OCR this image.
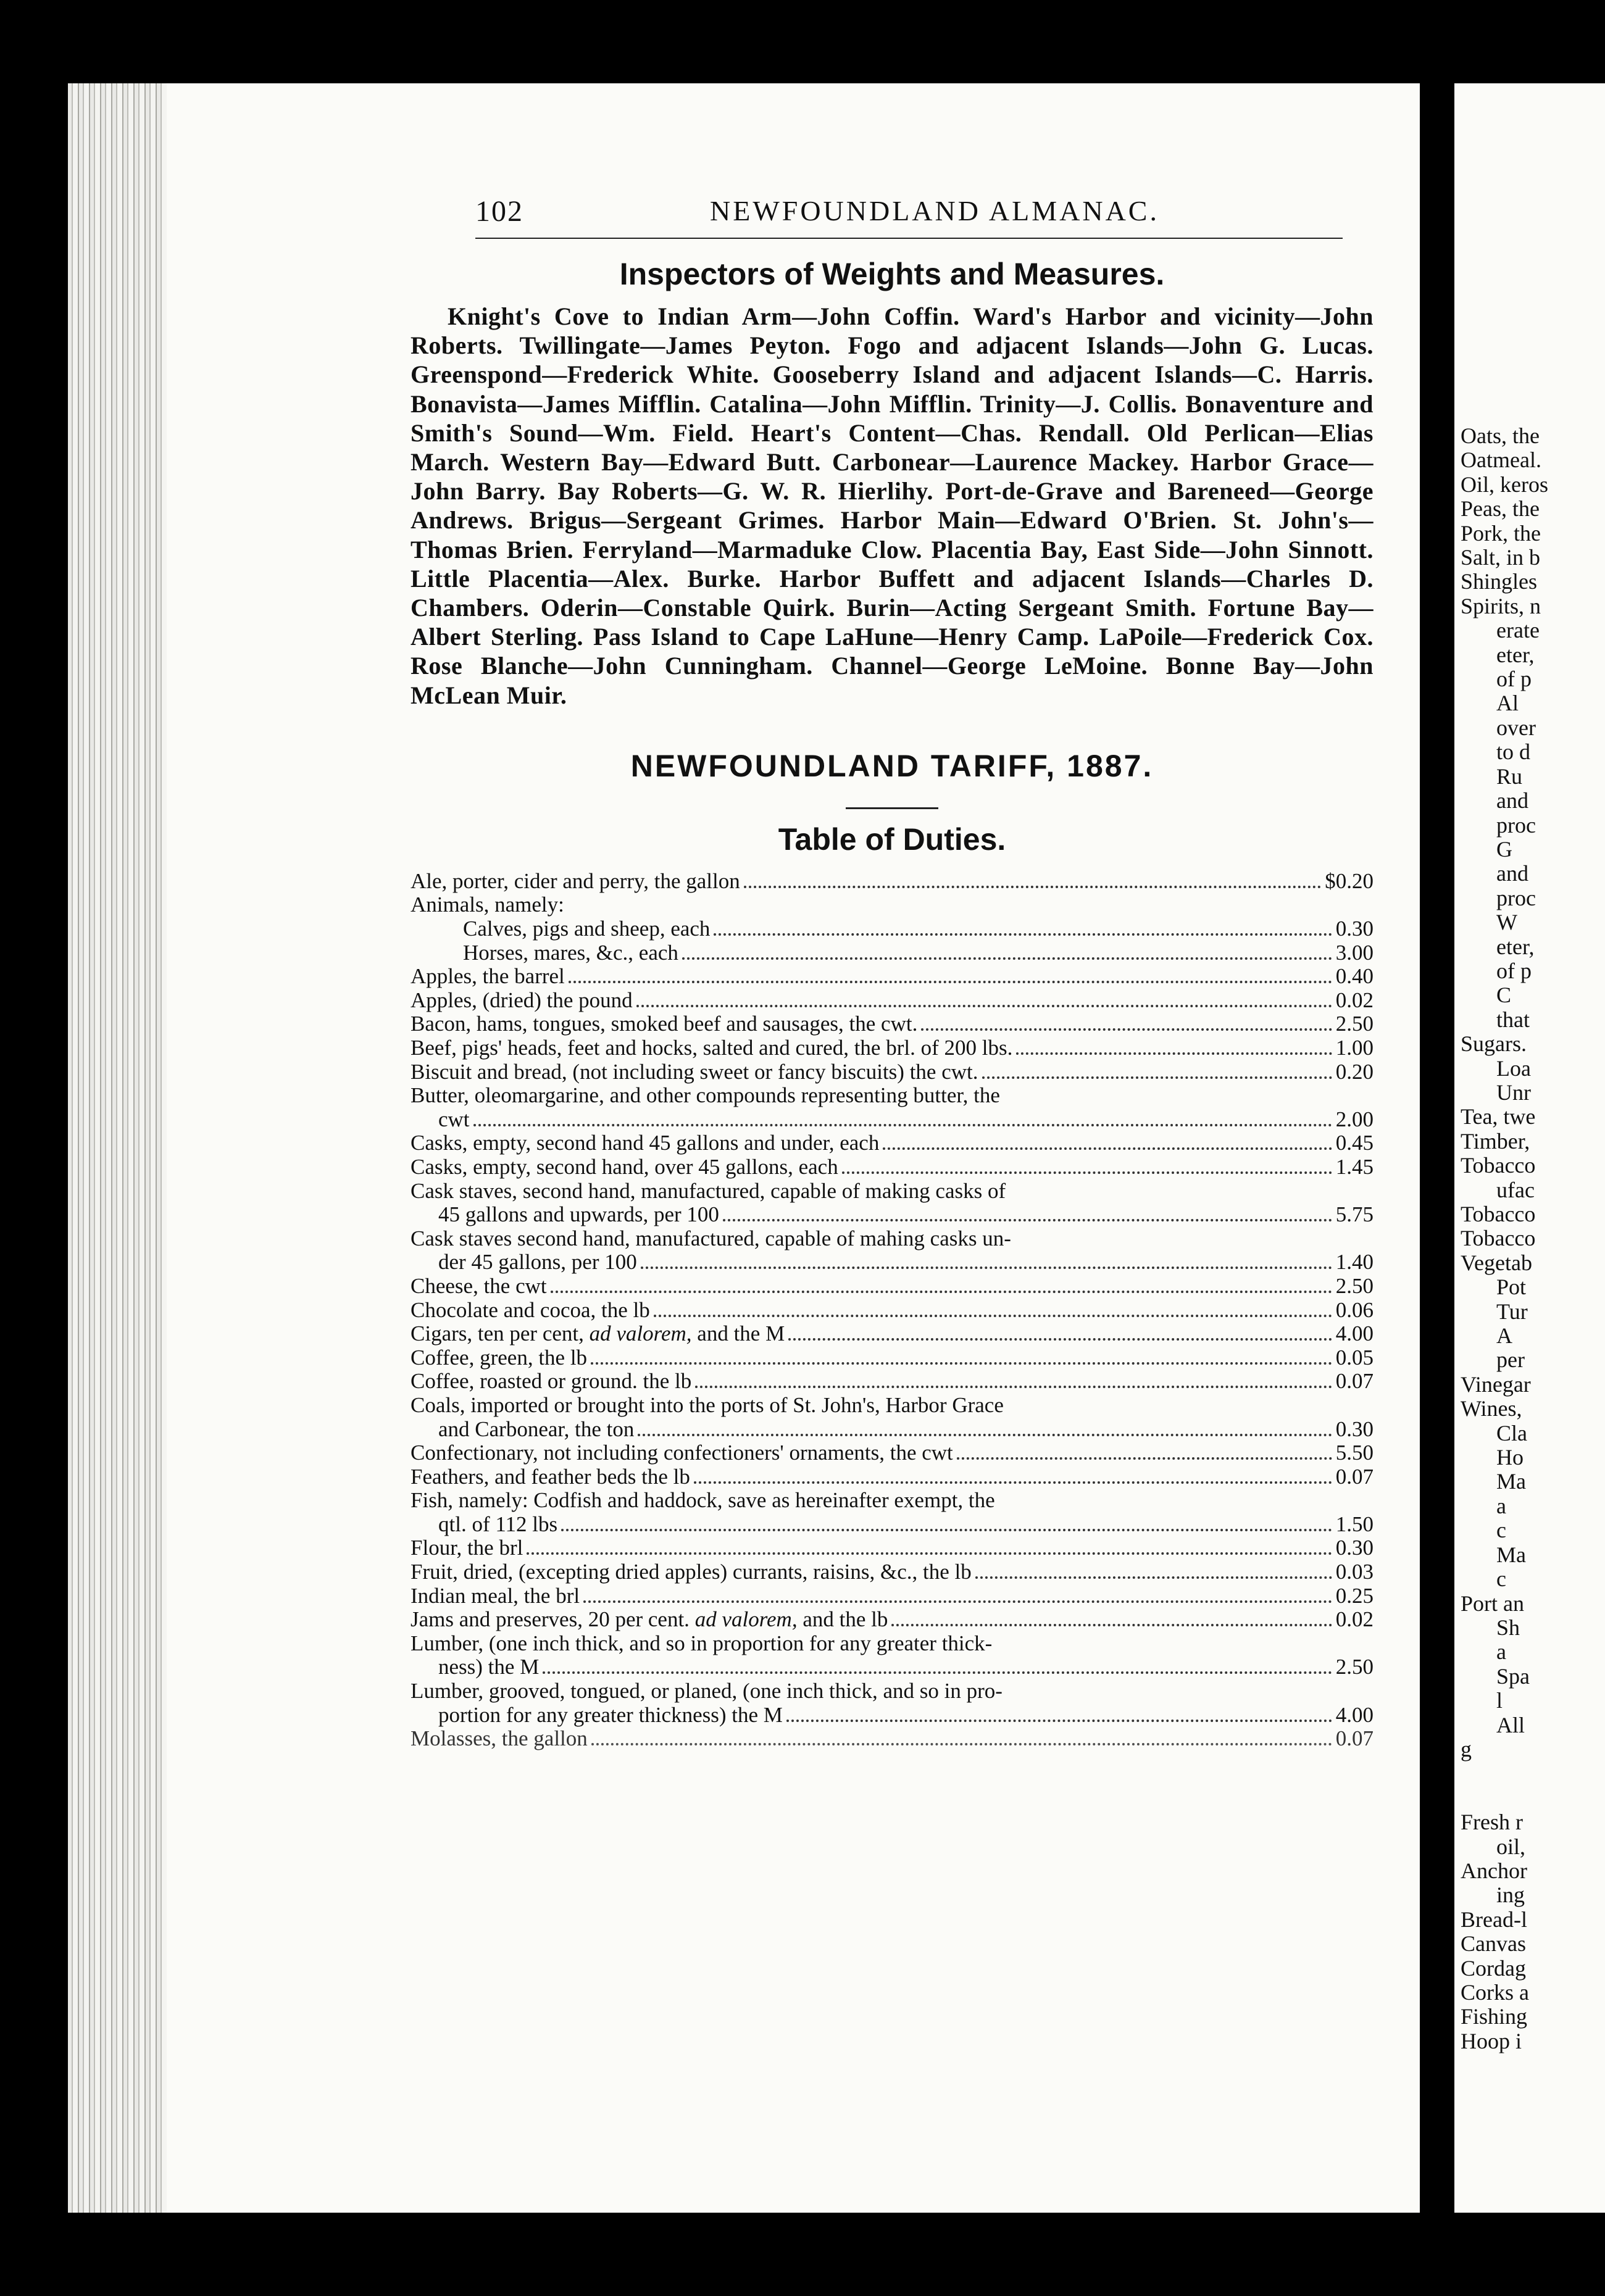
Oats, the
Oatmeal.
Oil, keros
Peas, the
Pork, the
Salt, in b
Shingles
Spirits, n
erate
eter,
of p
Al
over
to d
Ru
and
proc
G
and
proc
W
eter,
of p
C
that
Sugars.
Loa
Unr
Tea, twe
Timber,
Tobacco
ufac
Tobacco
Tobacco
Vegetab
Pot
Tur
A
per
Vinegar
Wines,
Cla
Ho
Ma
a
c
Ma
c
Port an
Sh
a
Spa
l
All
g

Fresh r
oil,
Anchor
ing
Bread-l
Canvas
Cordag
Corks a
Fishing
Hoop i
102	NEWFOUNDLAND ALMANAC.
Inspectors of Weights and Measures.
Knight's Cove to Indian Arm—John Coffin. Ward's Harbor and vicinity—John Roberts. Twillingate—James Peyton. Fogo and adjacent Islands—John G. Lucas. Greenspond—Frederick White. Gooseberry Island and adjacent Islands—C. Harris. Bonavista—James Mifflin. Catalina—John Mifflin. Trinity—J. Collis. Bonaventure and Smith's Sound—Wm. Field. Heart's Content—Chas. Rendall. Old Perlican—Elias March. Western Bay—Edward Butt. Carbonear—Laurence Mackey. Harbor Grace—John Barry. Bay Roberts—G. W. R. Hierlihy. Port-de-Grave and Bareneed—George Andrews. Brigus—Sergeant Grimes. Harbor Main—Edward O'Brien. St. John's—Thomas Brien. Ferryland—Marmaduke Clow. Placentia Bay, East Side—John Sinnott. Little Placentia—Alex. Burke. Harbor Buffett and adjacent Islands—Charles D. Chambers. Oderin—Constable Quirk. Burin—Acting Sergeant Smith. Fortune Bay—Albert Sterling. Pass Island to Cape LaHune—Henry Camp. LaPoile—Frederick Cox. Rose Blanche—John Cunningham. Channel—George LeMoine. Bonne Bay—John McLean Muir.
NEWFOUNDLAND TARIFF, 1887.
Table of Duties.
Ale, porter, cider and perry, the gallon	$0.20
Animals, namely:
Calves, pigs and sheep, each	0.30
Horses, mares, &c., each	3.00
Apples, the barrel	0.40
Apples, (dried) the pound	0.02
Bacon, hams, tongues, smoked beef and sausages, the cwt.	2.50
Beef, pigs' heads, feet and hocks, salted and cured, the brl. of 200 lbs.	1.00
Biscuit and bread, (not including sweet or fancy biscuits) the cwt.	0.20
Butter, oleomargarine, and other compounds representing butter, the
cwt	2.00
Casks, empty, second hand 45 gallons and under, each	0.45
Casks, empty, second hand, over 45 gallons, each	1.45
Cask staves, second hand, manufactured, capable of making casks of
45 gallons and upwards, per 100	5.75
Cask staves second hand, manufactured, capable of mahing casks un-
der 45 gallons, per 100	1.40
Cheese, the cwt	2.50
Chocolate and cocoa, the lb	0.06
Cigars, ten per cent, ad valorem, and the M	4.00
Coffee, green, the lb	0.05
Coffee, roasted or ground. the lb	0.07
Coals, imported or brought into the ports of St. John's, Harbor Grace
and Carbonear, the ton	0.30
Confectionary, not including confectioners' ornaments, the cwt	5.50
Feathers, and feather beds the lb	0.07
Fish, namely: Codfish and haddock, save as hereinafter exempt, the
qtl. of 112 lbs	1.50
Flour, the brl	0.30
Fruit, dried, (excepting dried apples) currants, raisins, &c., the lb	0.03
Indian meal, the brl	0.25
Jams and preserves, 20 per cent. ad valorem, and the lb	0.02
Lumber, (one inch thick, and so in proportion for any greater thick-
ness) the M	2.50
Lumber, grooved, tongued, or planed, (one inch thick, and so in pro-
portion for any greater thickness) the M	4.00
Molasses, the gallon	0.07
